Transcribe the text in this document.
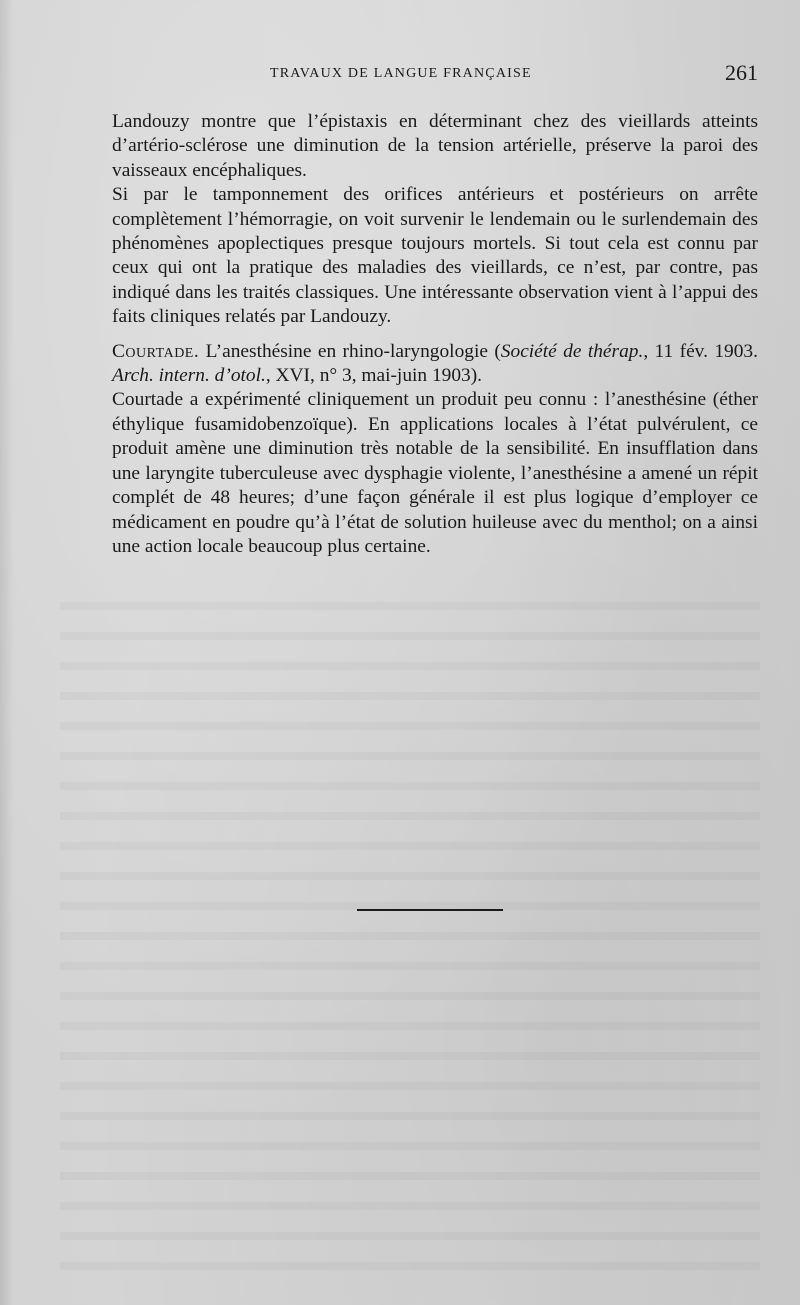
TRAVAUX DE LANGUE FRANÇAISE	261

Landouzy montre que l’épistaxis en déterminant chez des vieillards atteints d’artério-sclérose une diminution de la tension artérielle, préserve la paroi des vaisseaux encéphaliques.

Si par le tamponnement des orifices antérieurs et postérieurs on arrête complètement l’hémorragie, on voit survenir le lendemain ou le surlendemain des phénomènes apoplectiques presque toujours mortels. Si tout cela est connu par ceux qui ont la pratique des maladies des vieillards, ce n’est, par contre, pas indiqué dans les traités classiques. Une intéressante observation vient à l’appui des faits cliniques relatés par Landouzy.

Courtade. L’anesthésine en rhino-laryngologie (Société de thérap., 11 fév. 1903. Arch. intern. d’otol., XVI, n° 3, mai-juin 1903).

Courtade a expérimenté cliniquement un produit peu connu : l’anesthésine (éther éthylique fusamidobenzoïque). En applications locales à l’état pulvérulent, ce produit amène une diminution très notable de la sensibilité. En insufflation dans une laryngite tuberculeuse avec dysphagie violente, l’anesthésine a amené un répit complét de 48 heures; d’une façon générale il est plus logique d’employer ce médicament en poudre qu’à l’état de solution huileuse avec du menthol; on a ainsi une action locale beaucoup plus certaine.
